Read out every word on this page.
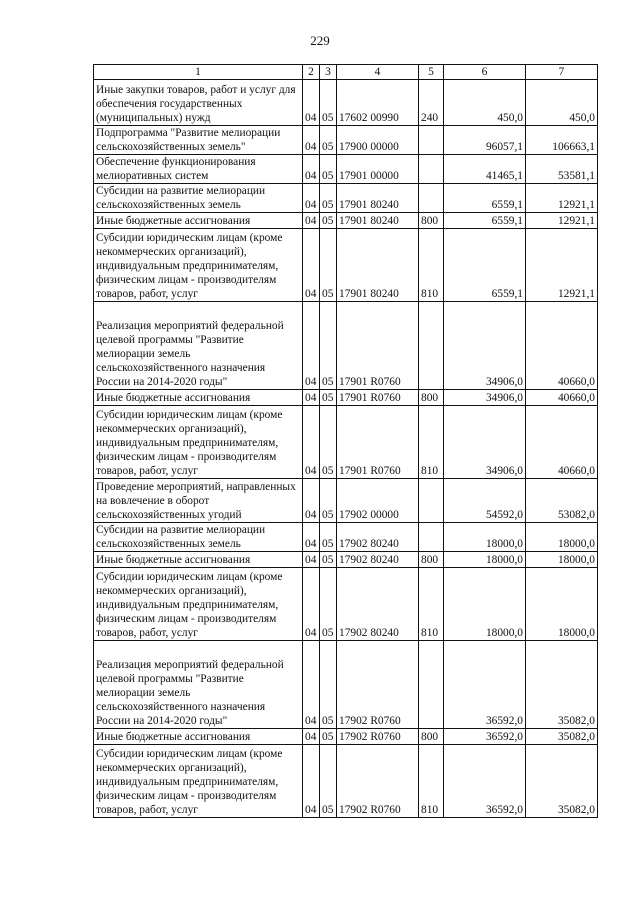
229
1	2	3	4	5	6	7
Иные закупки товаров, работ и услуг для обеспечения государственных (муниципальных) нужд	04	05	17602 00990	240	450,0	450,0
Подпрограмма "Развитие мелиорации сельскохозяйственных земель"	04	05	17900 00000		96057,1	106663,1
Обеспечение функционирования мелиоративных систем	04	05	17901 00000		41465,1	53581,1
Субсидии на развитие мелиорации сельскохозяйственных земель	04	05	17901 80240		6559,1	12921,1
Иные бюджетные ассигнования	04	05	17901 80240	800	6559,1	12921,1
Субсидии юридическим лицам (кроме некоммерческих организаций), индивидуальным предпринимателям, физическим лицам - производителям товаров, работ, услуг	04	05	17901 80240	810	6559,1	12921,1
Реализация мероприятий федеральной целевой программы "Развитие мелиорации земель сельскохозяйственного назначения России на 2014-2020 годы"	04	05	17901 R0760		34906,0	40660,0
Иные бюджетные ассигнования	04	05	17901 R0760	800	34906,0	40660,0
Субсидии юридическим лицам (кроме некоммерческих организаций), индивидуальным предпринимателям, физическим лицам - производителям товаров, работ, услуг	04	05	17901 R0760	810	34906,0	40660,0
Проведение мероприятий, направленных на вовлечение в оборот сельскохозяйственных угодий	04	05	17902 00000		54592,0	53082,0
Субсидии на развитие мелиорации сельскохозяйственных земель	04	05	17902 80240		18000,0	18000,0
Иные бюджетные ассигнования	04	05	17902 80240	800	18000,0	18000,0
Субсидии юридическим лицам (кроме некоммерческих организаций), индивидуальным предпринимателям, физическим лицам - производителям товаров, работ, услуг	04	05	17902 80240	810	18000,0	18000,0
Реализация мероприятий федеральной целевой программы "Развитие мелиорации земель сельскохозяйственного назначения России на 2014-2020 годы"	04	05	17902 R0760		36592,0	35082,0
Иные бюджетные ассигнования	04	05	17902 R0760	800	36592,0	35082,0
Субсидии юридическим лицам (кроме некоммерческих организаций), индивидуальным предпринимателям, физическим лицам - производителям товаров, работ, услуг	04	05	17902 R0760	810	36592,0	35082,0
